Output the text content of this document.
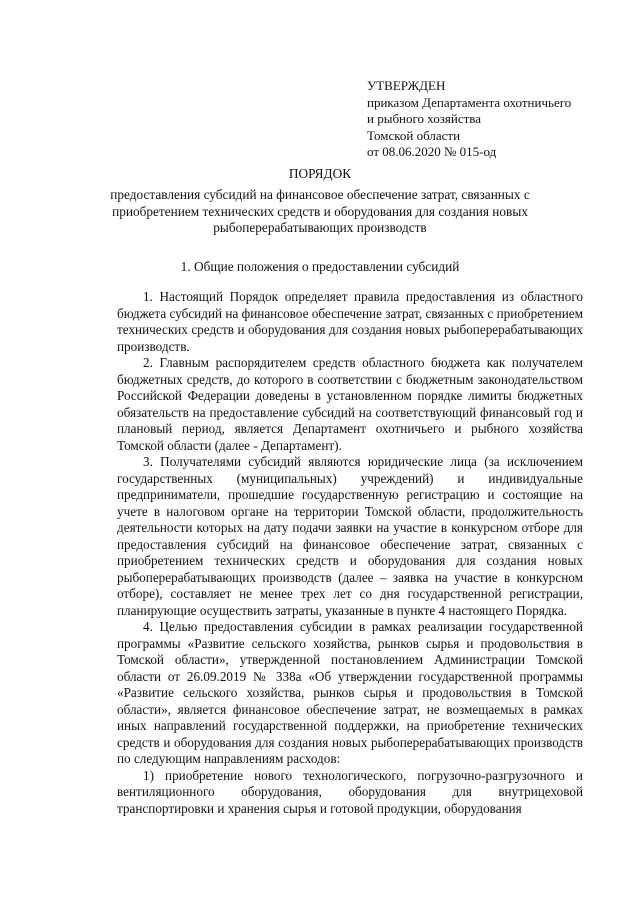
УТВЕРЖДЕН
приказом Департамента охотничьего
и рыбного хозяйства
Томской области
от 08.06.2020 № 015-од
ПОРЯДОК
предоставления субсидий на финансовое обеспечение затрат, связанных с приобретением технических средств и оборудования для создания новых рыбоперерабатывающих производств
1. Общие положения о предоставлении субсидий

1. Настоящий Порядок определяет правила предоставления из областного бюджета субсидий на финансовое обеспечение затрат, связанных с приобретением технических средств и оборудования для создания новых рыбоперерабатывающих производств.

2. Главным распорядителем средств областного бюджета как получателем бюджетных средств, до которого в соответствии с бюджетным законодательством Российской Федерации доведены в установленном порядке лимиты бюджетных обязательств на предоставление субсидий на соответствующий финансовый год и плановый период, является Департамент охотничьего и рыбного хозяйства Томской области (далее - Департамент).

3. Получателями субсидий являются юридические лица (за исключением государственных (муниципальных) учреждений) и индивидуальные предприниматели, прошедшие государственную регистрацию и состоящие на учете в налоговом органе на территории Томской области, продолжительность деятельности которых на дату подачи заявки на участие в конкурсном отборе для предоставления субсидий на финансовое обеспечение затрат, связанных с приобретением технических средств и оборудования для создания новых рыбоперерабатывающих производств (далее – заявка на участие в конкурсном отборе), составляет не менее трех лет со дня государственной регистрации, планирующие осуществить затраты, указанные в пункте 4 настоящего Порядка.

4. Целью предоставления субсидии в рамках реализации государственной программы «Развитие сельского хозяйства, рынков сырья и продовольствия в Томской области», утвержденной постановлением Администрации Томской области от 26.09.2019 № 338а «Об утверждении государственной программы «Развитие сельского хозяйства, рынков сырья и продовольствия в Томской области», является финансовое обеспечение затрат, не возмещаемых в рамках иных направлений государственной поддержки, на приобретение технических средств и оборудования для создания новых рыбоперерабатывающих производств по следующим направлениям расходов:

1) приобретение нового технологического, погрузочно-разгрузочного и вентиляционного оборудования, оборудования для внутрицеховой транспортировки и хранения сырья и готовой продукции, оборудования
